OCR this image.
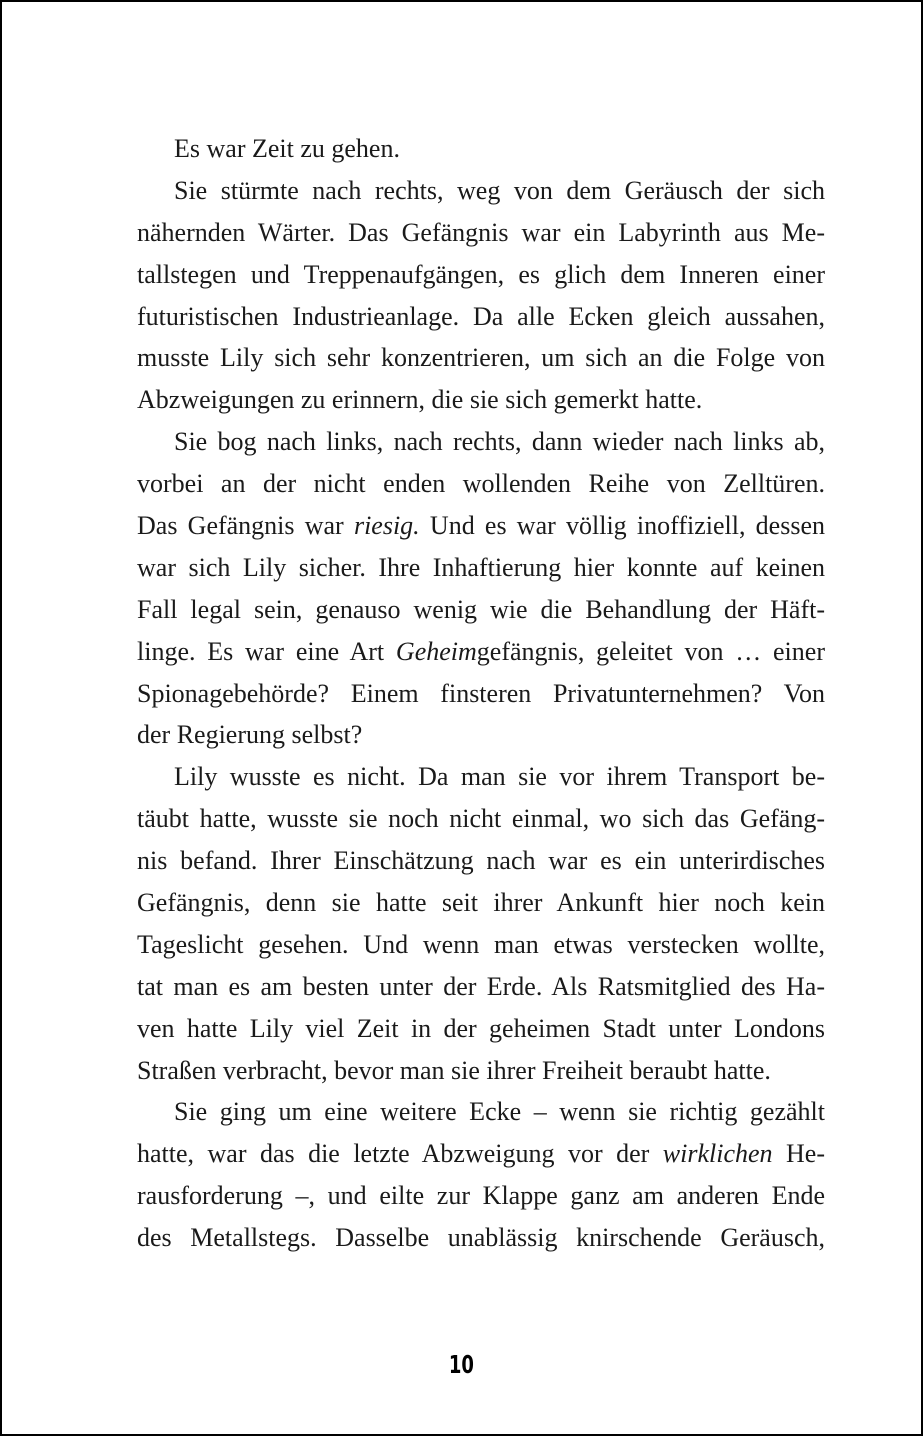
Es war Zeit zu gehen.
Sie stürmte nach rechts, weg von dem Geräusch der sich
nähernden Wärter. Das Gefängnis war ein Labyrinth aus Me-
tallstegen und Treppenaufgängen, es glich dem Inneren einer
futuristischen Industrieanlage. Da alle Ecken gleich aussahen,
musste Lily sich sehr konzentrieren, um sich an die Folge von
Abzweigungen zu erinnern, die sie sich gemerkt hatte.
Sie bog nach links, nach rechts, dann wieder nach links ab,
vorbei an der nicht enden wollenden Reihe von Zelltüren.
Das Gefängnis war riesig. Und es war völlig inoffiziell, dessen
war sich Lily sicher. Ihre Inhaftierung hier konnte auf keinen
Fall legal sein, genauso wenig wie die Behandlung der Häft-
linge. Es war eine Art Geheimgefängnis, geleitet von … einer
Spionagebehörde? Einem finsteren Privatunternehmen? Von
der Regierung selbst?
Lily wusste es nicht. Da man sie vor ihrem Transport be-
täubt hatte, wusste sie noch nicht einmal, wo sich das Gefäng-
nis befand. Ihrer Einschätzung nach war es ein unterirdisches
Gefängnis, denn sie hatte seit ihrer Ankunft hier noch kein
Tageslicht gesehen. Und wenn man etwas verstecken wollte,
tat man es am besten unter der Erde. Als Ratsmitglied des Ha-
ven hatte Lily viel Zeit in der geheimen Stadt unter Londons
Straßen verbracht, bevor man sie ihrer Freiheit beraubt hatte.
Sie ging um eine weitere Ecke – wenn sie richtig gezählt
hatte, war das die letzte Abzweigung vor der wirklichen He-
rausforderung –, und eilte zur Klappe ganz am anderen Ende
des Metallstegs. Dasselbe unablässig knirschende Geräusch,
10
